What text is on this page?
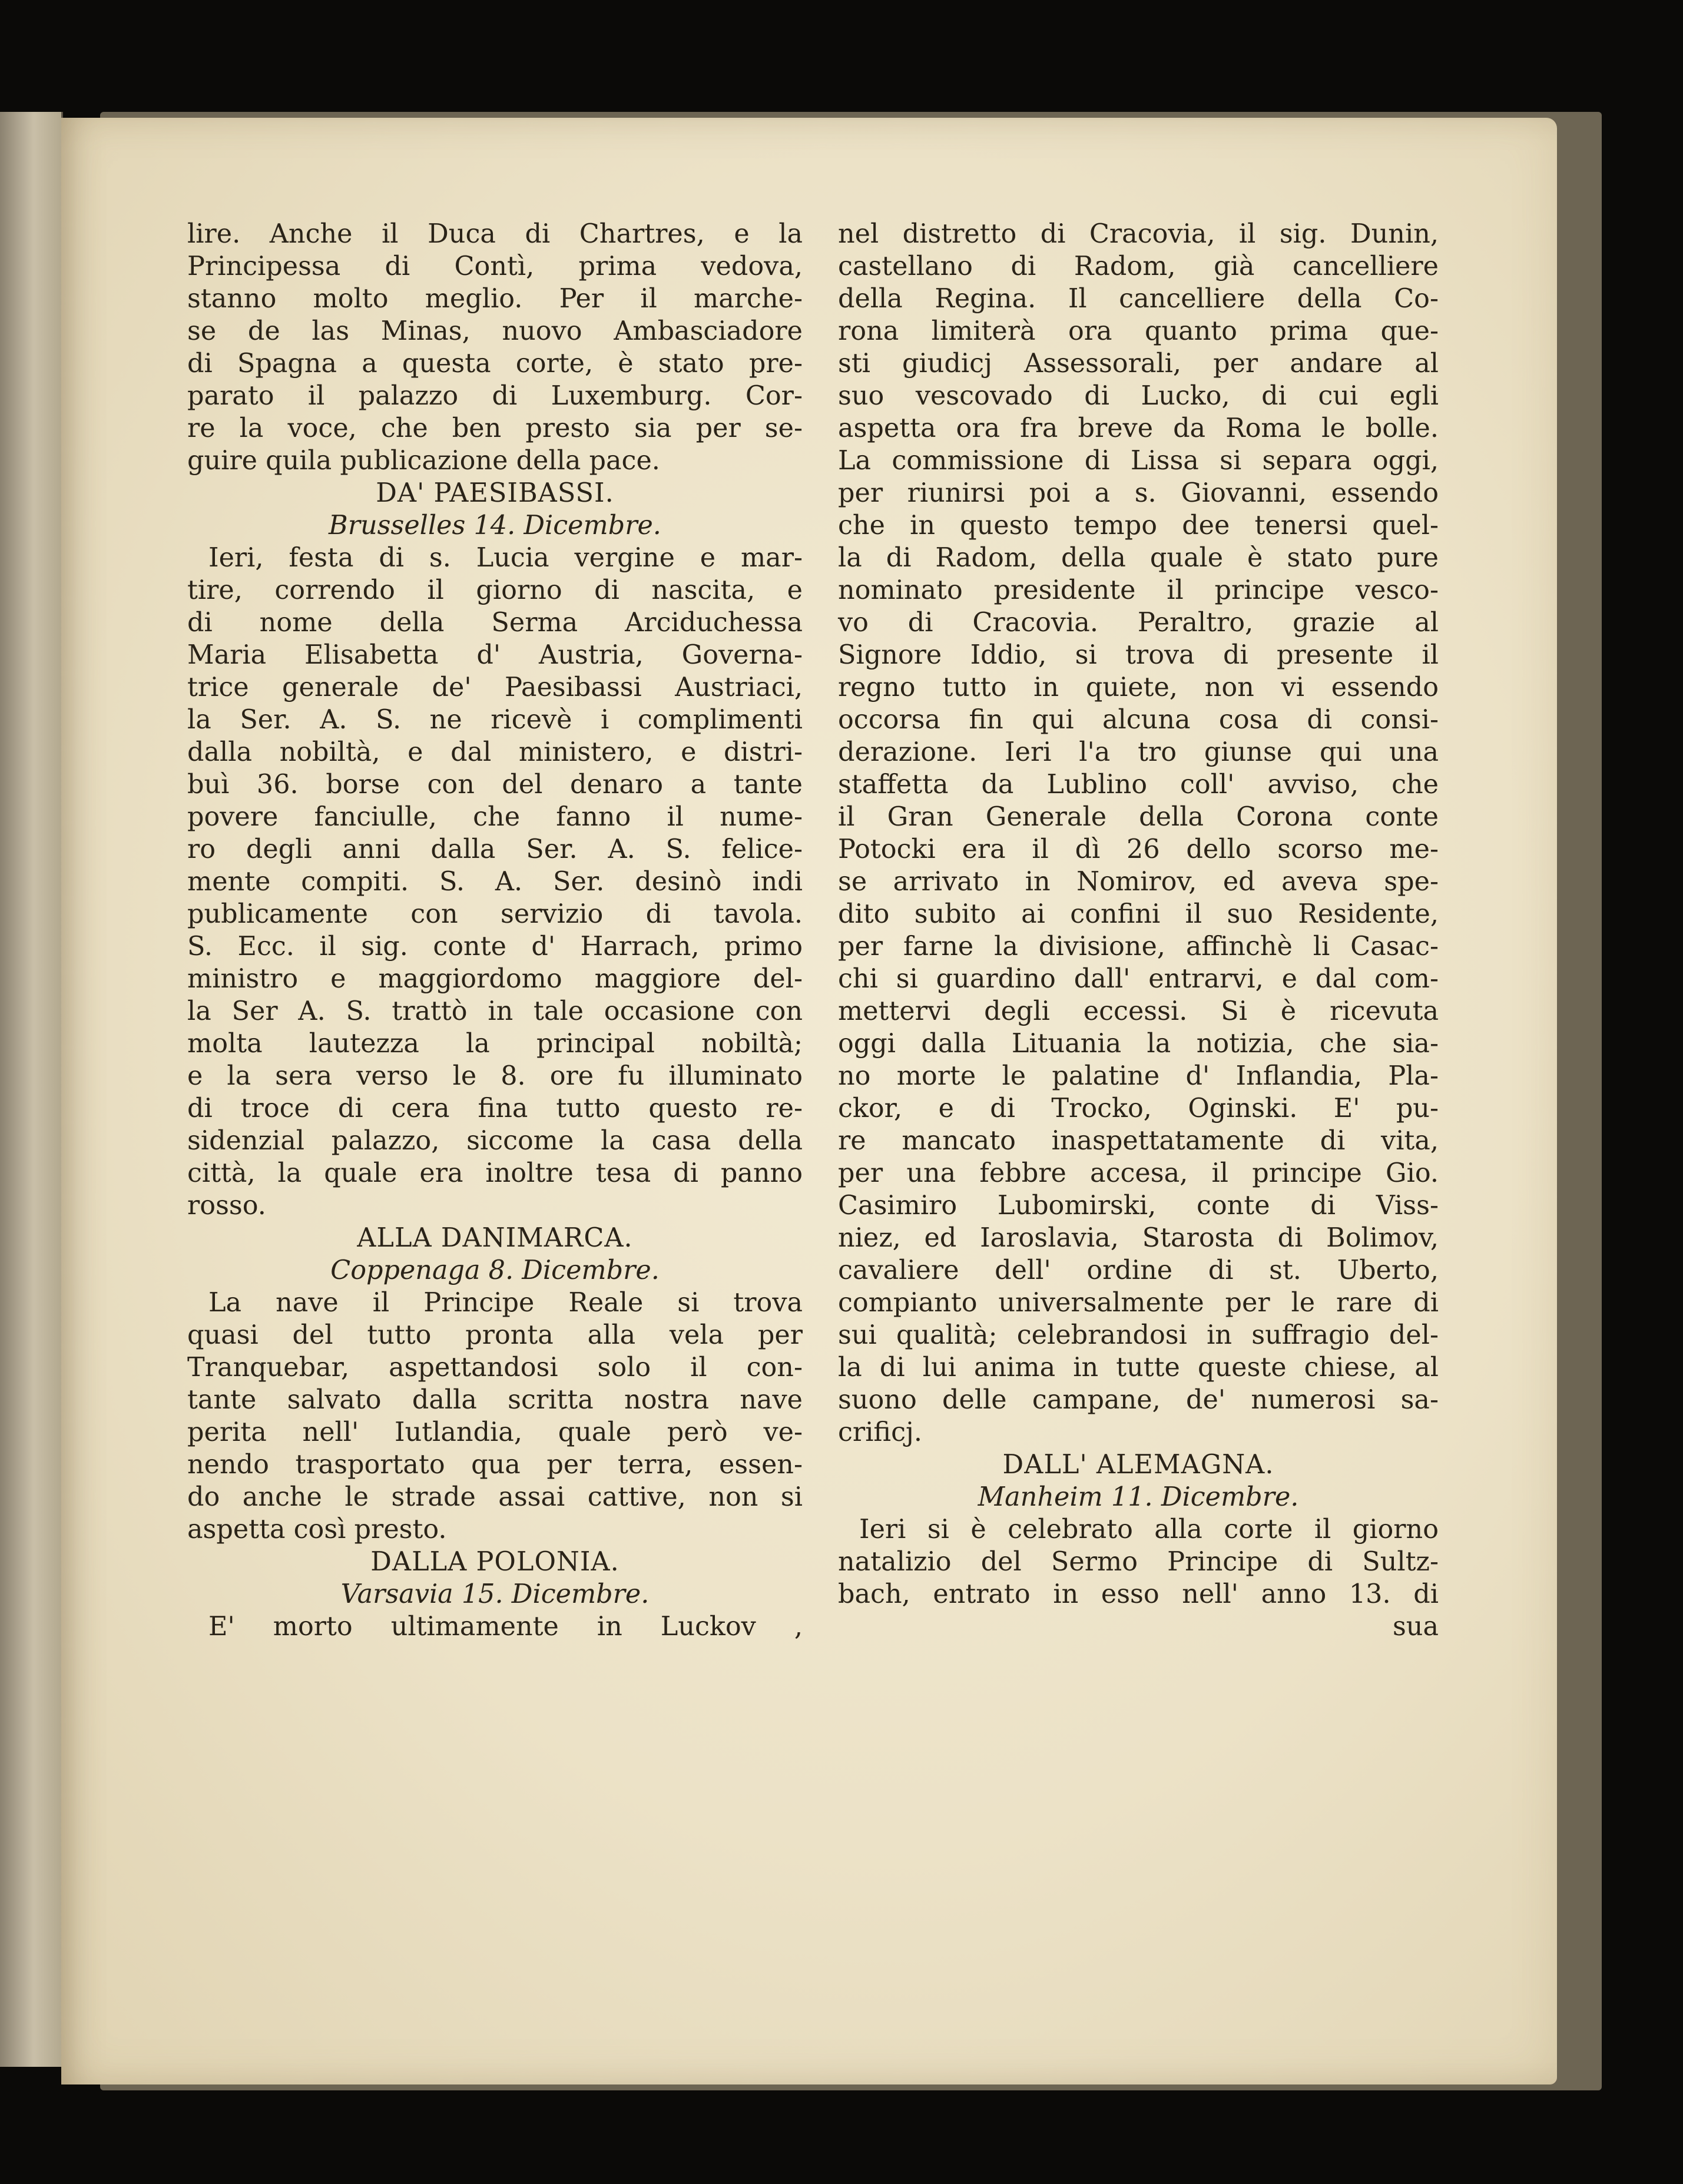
lire. Anche il Duca di Chartres, e la
Principessa di Contì, prima vedova,
stanno molto meglio. Per il marche-
se de las Minas, nuovo Ambasciadore
di Spagna a questa corte, è stato pre-
parato il palazzo di Luxemburg. Cor-
re la voce, che ben presto sia per se-
guire quila publicazione della pace.
DA' PAESIBASSI.
Brusselles 14. Dicembre.
Ieri, festa di s. Lucia vergine e mar-
tire, correndo il giorno di nascita, e
di nome della Serma Arciduchessa
Maria Elisabetta d' Austria, Governa-
trice generale de' Paesibassi Austriaci,
la Ser. A. S. ne ricevè i complimenti
dalla nobiltà, e dal ministero, e distri-
buì 36. borse con del denaro a tante
povere fanciulle, che fanno il nume-
ro degli anni dalla Ser. A. S. felice-
mente compiti. S. A. Ser. desinò indi
publicamente con servizio di tavola.
S. Ecc. il sig. conte d' Harrach, primo
ministro e maggiordomo maggiore del-
la Ser A. S. trattò in tale occasione con
molta lautezza la principal nobiltà;
e la sera verso le 8. ore fu illuminato
di troce di cera fina tutto questo re-
sidenzial palazzo, siccome la casa della
città, la quale era inoltre tesa di panno
rosso.
ALLA DANIMARCA.
Coppenaga 8. Dicembre.
La nave il Principe Reale si trova
quasi del tutto pronta alla vela per
Tranquebar, aspettandosi solo il con-
tante salvato dalla scritta nostra nave
perita nell' Iutlandia, quale però ve-
nendo trasportato qua per terra, essen-
do anche le strade assai cattive, non si
aspetta così presto.
DALLA POLONIA.
Varsavia 15. Dicembre.
E' morto ultimamente in Luckov ,
nel distretto di Cracovia, il sig. Dunin,
castellano di Radom, già cancelliere
della Regina. Il cancelliere della Co-
rona limiterà ora quanto prima que-
sti giudicj Assessorali, per andare al
suo vescovado di Lucko, di cui egli
aspetta ora fra breve da Roma le bolle.
La commissione di Lissa si separa oggi,
per riunirsi poi a s. Giovanni, essendo
che in questo tempo dee tenersi quel-
la di Radom, della quale è stato pure
nominato presidente il principe vesco-
vo di Cracovia. Peraltro, grazie al
Signore Iddio, si trova di presente il
regno tutto in quiete, non vi essendo
occorsa fin qui alcuna cosa di consi-
derazione. Ieri l'a tro giunse qui una
staffetta da Lublino coll' avviso, che
il Gran Generale della Corona conte
Potocki era il dì 26 dello scorso me-
se arrivato in Nomirov, ed aveva spe-
dito subito ai confini il suo Residente,
per farne la divisione, affinchè li Casac-
chi si guardino dall' entrarvi, e dal com-
mettervi degli eccessi. Si è ricevuta
oggi dalla Lituania la notizia, che sia-
no morte le palatine d' Inflandia, Pla-
ckor, e di Trocko, Oginski. E' pu-
re mancato inaspettatamente di vita,
per una febbre accesa, il principe Gio.
Casimiro Lubomirski, conte di Viss-
niez, ed Iaroslavia, Starosta di Bolimov,
cavaliere dell' ordine di st. Uberto,
compianto universalmente per le rare di
sui qualità; celebrandosi in suffragio del-
la di lui anima in tutte queste chiese, al
suono delle campane, de' numerosi sa-
crificj.
DALL' ALEMAGNA.
Manheim 11. Dicembre.
Ieri si è celebrato alla corte il giorno
natalizio del Sermo Principe di Sultz-
bach, entrato in esso nell' anno 13. di
sua
